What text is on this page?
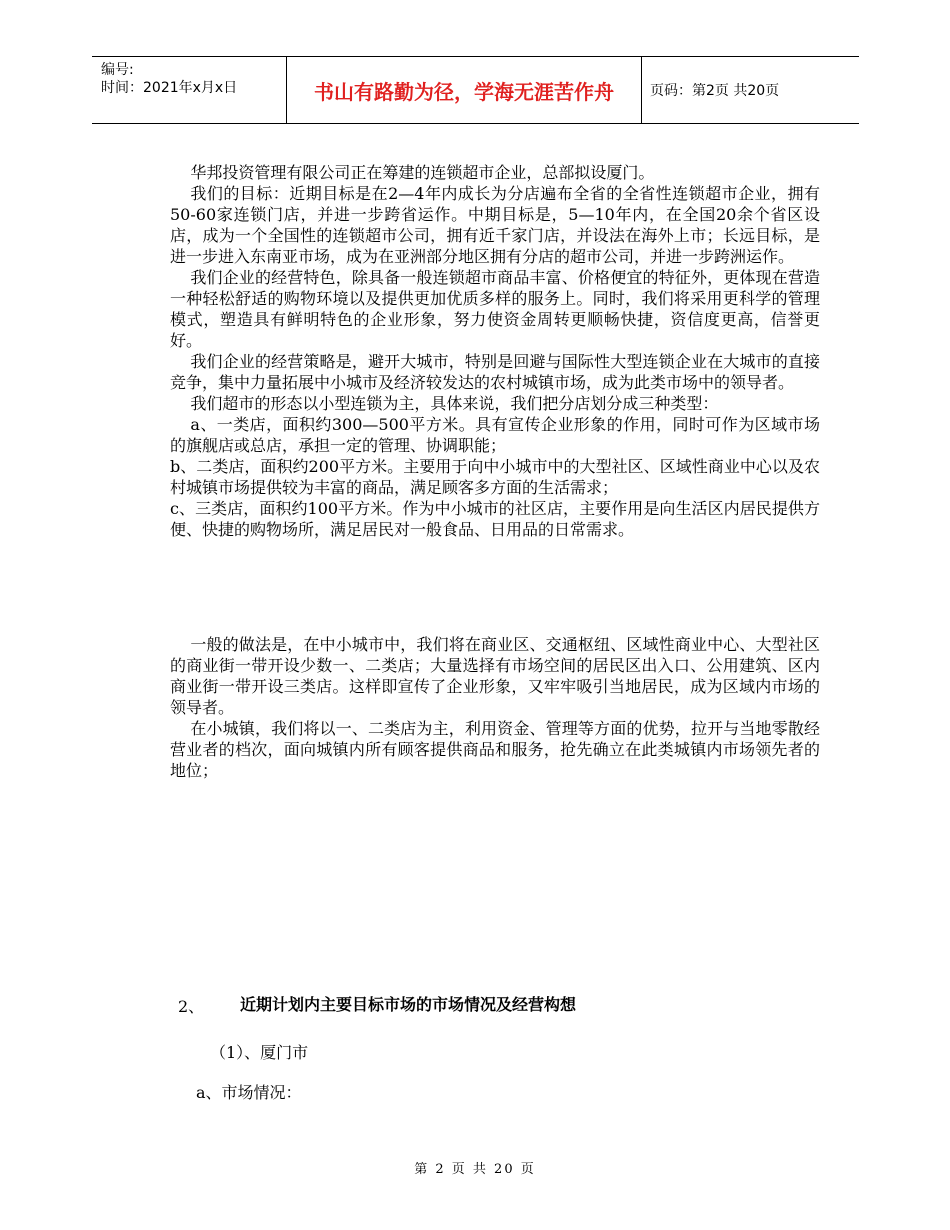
编号:
时间：2021年x月x日	书山有路勤为径，学海无涯苦作舟	页码：第2页 共20页

华邦投资管理有限公司正在筹建的连锁超市企业，总部拟设厦门。

我们的目标：近期目标是在2—4年内成长为分店遍布全省的全省性连锁超市企业，拥有50-60家连锁门店，并进一步跨省运作。中期目标是，5—10年内，在全国20余个省区设店，成为一个全国性的连锁超市公司，拥有近千家门店，并设法在海外上市；长远目标，是进一步进入东南亚市场，成为在亚洲部分地区拥有分店的超市公司，并进一步跨洲运作。

我们企业的经营特色，除具备一般连锁超市商品丰富、价格便宜的特征外，更体现在营造一种轻松舒适的购物环境以及提供更加优质多样的服务上。同时，我们将采用更科学的管理模式，塑造具有鲜明特色的企业形象，努力使资金周转更顺畅快捷，资信度更高，信誉更好。

我们企业的经营策略是，避开大城市，特别是回避与国际性大型连锁企业在大城市的直接竞争，集中力量拓展中小城市及经济较发达的农村城镇市场，成为此类市场中的领导者。

我们超市的形态以小型连锁为主，具体来说，我们把分店划分成三种类型：

a、一类店，面积约300—500平方米。具有宣传企业形象的作用，同时可作为区域市场的旗舰店或总店，承担一定的管理、协调职能；

b、二类店，面积约200平方米。主要用于向中小城市中的大型社区、区域性商业中心以及农村城镇市场提供较为丰富的商品，满足顾客多方面的生活需求；

c、三类店，面积约100平方米。作为中小城市的社区店，主要作用是向生活区内居民提供方便、快捷的购物场所，满足居民对一般食品、日用品的日常需求。

一般的做法是，在中小城市中，我们将在商业区、交通枢纽、区域性商业中心、大型社区的商业街一带开设少数一、二类店；大量选择有市场空间的居民区出入口、公用建筑、区内商业街一带开设三类店。这样即宣传了企业形象，又牢牢吸引当地居民，成为区域内市场的领导者。

在小城镇，我们将以一、二类店为主，利用资金、管理等方面的优势，拉开与当地零散经营业者的档次，面向城镇内所有顾客提供商品和服务，抢先确立在此类城镇内市场领先者的地位；

2、 近期计划内主要目标市场的市场情况及经营构想
（1）、厦门市
a、市场情况：
第 2 页 共 20 页
